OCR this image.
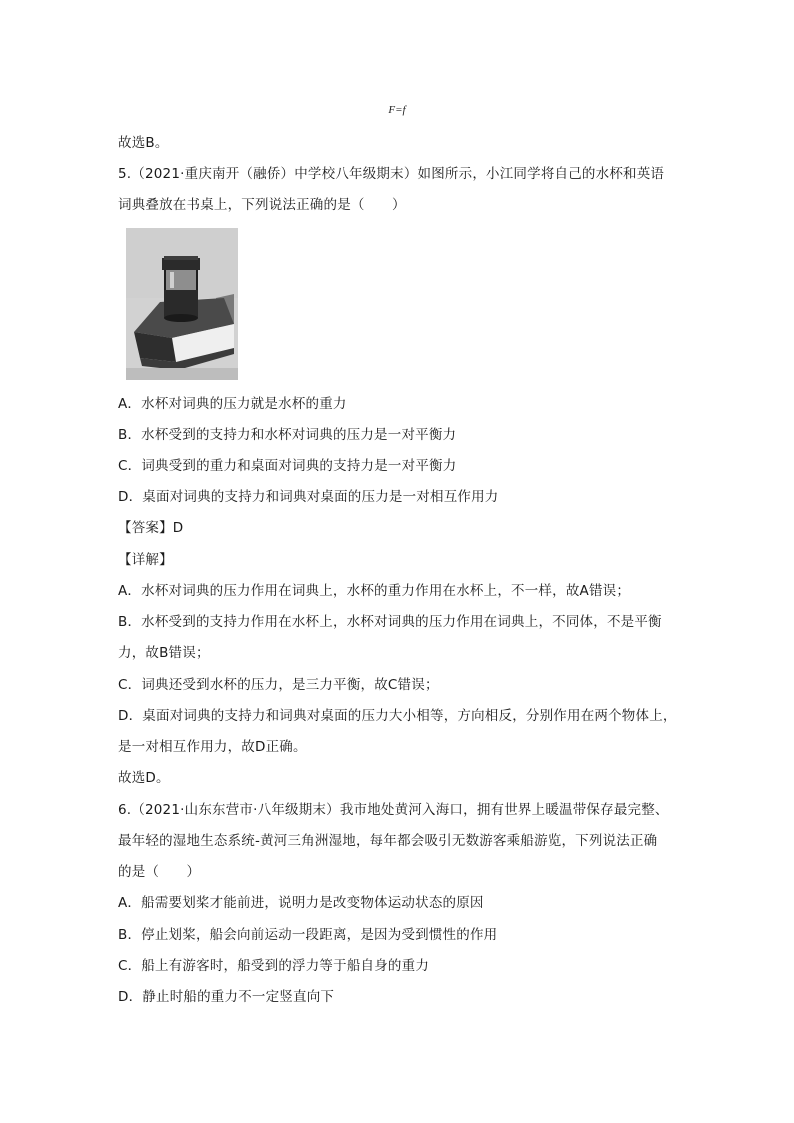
F=f
故选B。
5.（2021·重庆南开（融侨）中学校八年级期末）如图所示，小江同学将自己的水杯和英语
词典叠放在书桌上，下列说法正确的是（　　）
A．水杯对词典的压力就是水杯的重力
B．水杯受到的支持力和水杯对词典的压力是一对平衡力
C．词典受到的重力和桌面对词典的支持力是一对平衡力
D．桌面对词典的支持力和词典对桌面的压力是一对相互作用力
【答案】D
【详解】
A．水杯对词典的压力作用在词典上，水杯的重力作用在水杯上，不一样，故A错误；
B．水杯受到的支持力作用在水杯上，水杯对词典的压力作用在词典上，不同体，不是平衡
力，故B错误；
C．词典还受到水杯的压力，是三力平衡，故C错误；
D．桌面对词典的支持力和词典对桌面的压力大小相等，方向相反，分别作用在两个物体上，
是一对相互作用力，故D正确。
故选D。
6.（2021·山东东营市·八年级期末）我市地处黄河入海口，拥有世界上暖温带保存最完整、
最年轻的湿地生态系统-黄河三角洲湿地，每年都会吸引无数游客乘船游览，下列说法正确
的是（　　）
A．船需要划桨才能前进，说明力是改变物体运动状态的原因
B．停止划桨，船会向前运动一段距离，是因为受到惯性的作用
C．船上有游客时，船受到的浮力等于船自身的重力
D．静止时船的重力不一定竖直向下
